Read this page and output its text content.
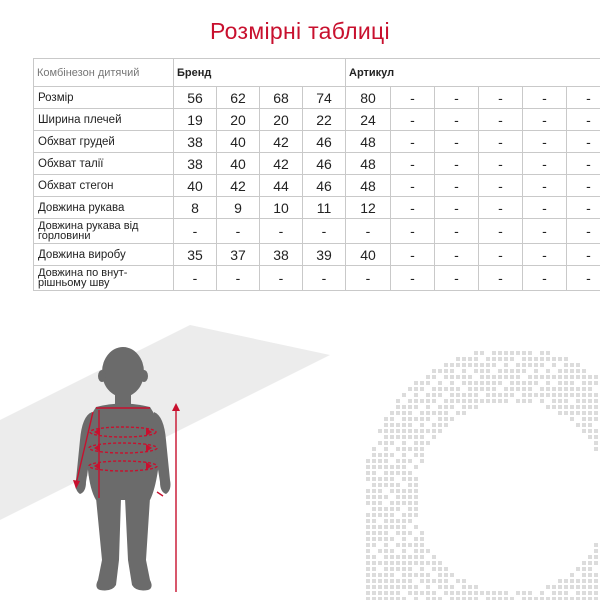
Розмірні таблиці
Комбінезон дитячий	Бренд				Артикул					
Розмір	56	62	68	74	80	-	-	-	-	-
Ширина плечей	19	20	20	22	24	-	-	-	-	-
Обхват грудей	38	40	42	46	48	-	-	-	-	-
Обхват талії	38	40	42	46	48	-	-	-	-	-
Обхват стегон	40	42	44	46	48	-	-	-	-	-
Довжина рукава	8	9	10	11	12	-	-	-	-	-
Довжина рукава від горловини	-	-	-	-	-	-	-	-	-	-
Довжина виробу	35	37	38	39	40	-	-	-	-	-
Довжина по внут-рішньому шву	-	-	-	-	-	-	-	-	-	-
